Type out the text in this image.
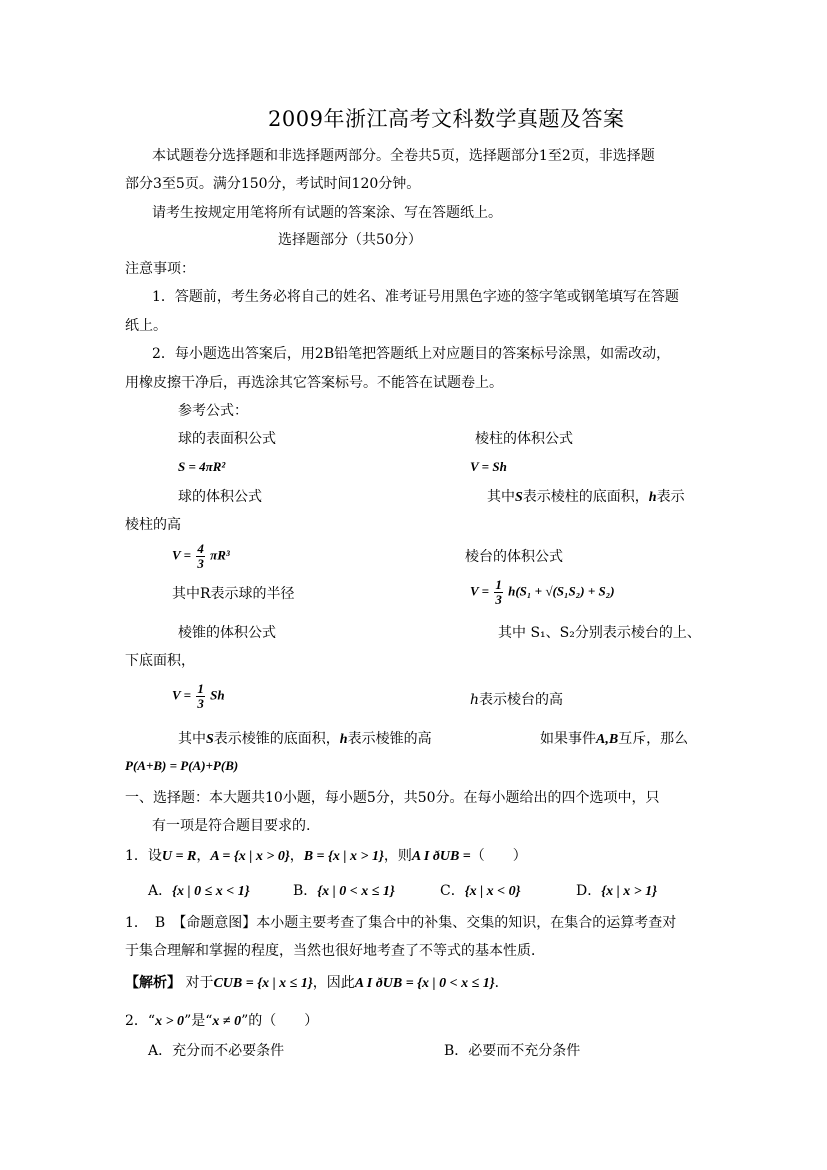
2009年浙江高考文科数学真题及答案
本试题卷分选择题和非选择题两部分。全卷共5页，选择题部分1至2页，非选择题
部分3至5页。满分150分，考试时间120分钟。
请考生按规定用笔将所有试题的答案涂、写在答题纸上。
选择题部分（共50分）
注意事项：
1．答题前，考生务必将自己的姓名、准考证号用黑色字迹的签字笔或钢笔填写在答题
纸上。
2．每小题选出答案后，用2B铅笔把答题纸上对应题目的答案标号涂黑，如需改动，
用橡皮擦干净后，再选涂其它答案标号。不能答在试题卷上。
参考公式：
球的表面积公式	棱柱的体积公式
S = 4πR²	V = Sh
球的体积公式	其中S表示棱柱的底面积，h表示
棱柱的高
$V = \frac{4}{3} \pi R^3$	棱台的体积公式
其中R表示球的半径	$V = \frac{1}{3} h(S_1 + √(S_1S_2) + S_2)$
棱锥的体积公式	其中 S₁、S₂分别表示棱台的上、
下底面积，
$V = \frac{1}{3}$ Sh	h表示棱台的高
其中S表示棱锥的底面积，h表示棱锥的高	如果事件A,B互斥，那么
P(A+B) = P(A)+P(B)
一、选择题：本大题共10小题，每小题5分，共50分。在每小题给出的四个选项中，只
有一项是符合题目要求的.
1．设U = R，A = {x | x > 0}，B = {x | x > 1}，则A I ðUB =（　　）
A．{x | 0 ≤ x < 1}	B．{x | 0 < x ≤ 1}	C．{x | x < 0}	D．{x | x > 1}
1．　B　【命题意图】本小题主要考查了集合中的补集、交集的知识，在集合的运算考查对
于集合理解和掌握的程度，当然也很好地考查了不等式的基本性质．
【解析】 对于CUB = {x | x ≤ 1}，因此A I ðUB = {x | 0 < x ≤ 1}．
2．“x > 0”是“x ≠ 0”的（　　）
A．充分而不必要条件	B．必要而不充分条件
